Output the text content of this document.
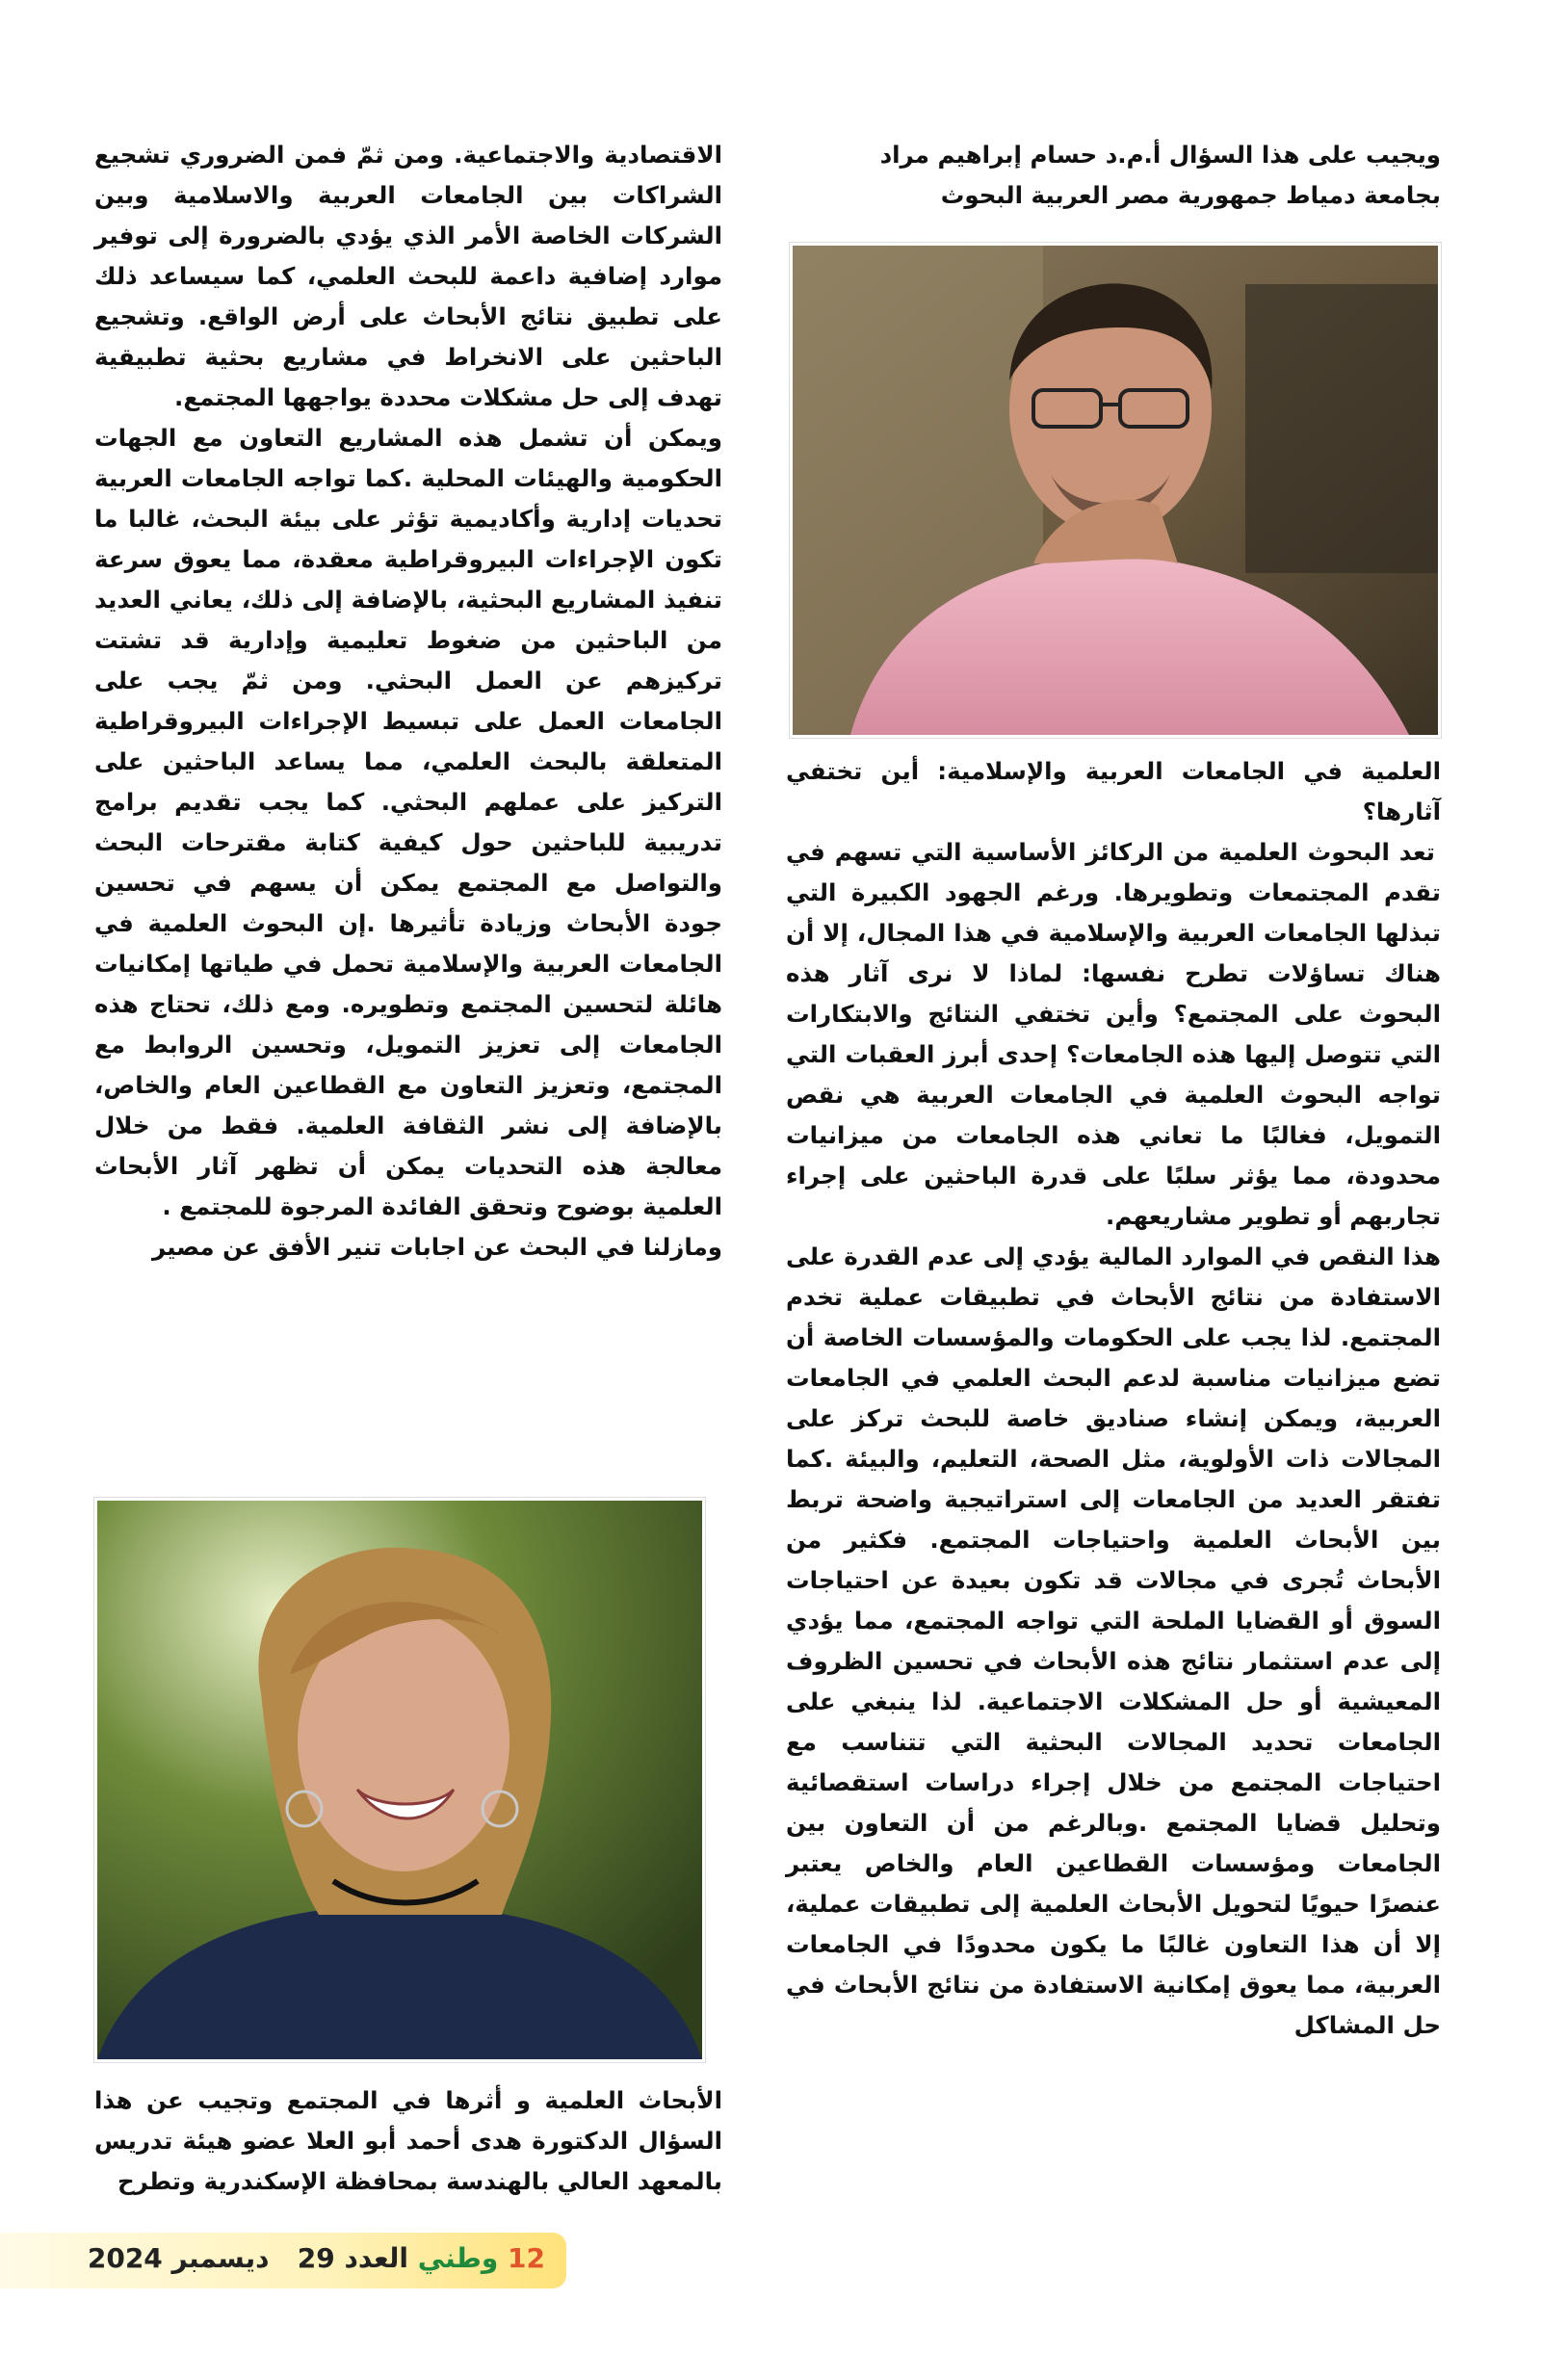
ويجيب على هذا السؤال أ.م.د حسام إبراهيم مراد

بجامعة دمياط جمهورية مصر العربية البحوث

العلمية في الجامعات العربية والإسلامية: أين تختفي آثارها؟

تعد البحوث العلمية من الركائز الأساسية التي تسهم في تقدم المجتمعات وتطويرها. ورغم الجهود الكبيرة التي تبذلها الجامعات العربية والإسلامية في هذا المجال، إلا أن هناك تساؤلات تطرح نفسها: لماذا لا نرى آثار هذه البحوث على المجتمع؟ وأين تختفي النتائج والابتكارات التي تتوصل إليها هذه الجامعات؟ إحدى أبرز العقبات التي تواجه البحوث العلمية في الجامعات العربية هي نقص التمويل، فغالبًا ما تعاني هذه الجامعات من ميزانيات محدودة، مما يؤثر سلبًا على قدرة الباحثين على إجراء تجاربهم أو تطوير مشاريعهم.

هذا النقص في الموارد المالية يؤدي إلى عدم القدرة على الاستفادة من نتائج الأبحاث في تطبيقات عملية تخدم المجتمع. لذا يجب على الحكومات والمؤسسات الخاصة أن تضع ميزانيات مناسبة لدعم البحث العلمي في الجامعات العربية، ويمكن إنشاء صناديق خاصة للبحث تركز على المجالات ذات الأولوية، مثل الصحة، التعليم، والبيئة .كما تفتقر العديد من الجامعات إلى استراتيجية واضحة تربط بين الأبحاث العلمية واحتياجات المجتمع. فكثير من الأبحاث تُجرى في مجالات قد تكون بعيدة عن احتياجات السوق أو القضايا الملحة التي تواجه المجتمع، مما يؤدي إلى عدم استثمار نتائج هذه الأبحاث في تحسين الظروف المعيشية أو حل المشكلات الاجتماعية. لذا ينبغي على الجامعات تحديد المجالات البحثية التي تتناسب مع احتياجات المجتمع من خلال إجراء دراسات استقصائية وتحليل قضايا المجتمع .وبالرغم من أن التعاون بين الجامعات ومؤسسات القطاعين العام والخاص يعتبر عنصرًا حيويًا لتحويل الأبحاث العلمية إلى تطبيقات عملية، إلا أن هذا التعاون غالبًا ما يكون محدودًا في الجامعات العربية، مما يعوق إمكانية الاستفادة من نتائج الأبحاث في حل المشاكل

الاقتصادية والاجتماعية. ومن ثمّ فمن الضروري تشجيع الشراكات بين الجامعات العربية والاسلامية وبين الشركات الخاصة الأمر الذي يؤدي بالضرورة إلى توفير موارد إضافية داعمة للبحث العلمي، كما سيساعد ذلك على تطبيق نتائج الأبحاث على أرض الواقع. وتشجيع الباحثين على الانخراط في مشاريع بحثية تطبيقية تهدف إلى حل مشكلات محددة يواجهها المجتمع.

ويمكن أن تشمل هذه المشاريع التعاون مع الجهات الحكومية والهيئات المحلية .كما تواجه الجامعات العربية تحديات إدارية وأكاديمية تؤثر على بيئة البحث، غالبا ما تكون الإجراءات البيروقراطية معقدة، مما يعوق سرعة تنفيذ المشاريع البحثية، بالإضافة إلى ذلك، يعاني العديد من الباحثين من ضغوط تعليمية وإدارية قد تشتت تركيزهم عن العمل البحثي. ومن ثمّ يجب على الجامعات العمل على تبسيط الإجراءات البيروقراطية المتعلقة بالبحث العلمي، مما يساعد الباحثين على التركيز على عملهم البحثي. كما يجب تقديم برامج تدريبية للباحثين حول كيفية كتابة مقترحات البحث والتواصل مع المجتمع يمكن أن يسهم في تحسين جودة الأبحاث وزيادة تأثيرها .إن البحوث العلمية في الجامعات العربية والإسلامية تحمل في طياتها إمكانيات هائلة لتحسين المجتمع وتطويره. ومع ذلك، تحتاج هذه الجامعات إلى تعزيز التمويل، وتحسين الروابط مع المجتمع، وتعزيز التعاون مع القطاعين العام والخاص، بالإضافة إلى نشر الثقافة العلمية. فقط من خلال معالجة هذه التحديات يمكن أن تظهر آثار الأبحاث العلمية بوضوح وتحقق الفائدة المرجوة للمجتمع .

ومازلنا في البحث عن اجابات تنير الأفق عن مصير

الأبحاث العلمية و أثرها في المجتمع وتجيب عن هذا السؤال الدكتورة هدى أحمد أبو العلا عضو هيئة تدريس بالمعهد العالي بالهندسة بمحافظة الإسكندرية وتطرح

12 وطني العدد 29   ديسمبر 2024
